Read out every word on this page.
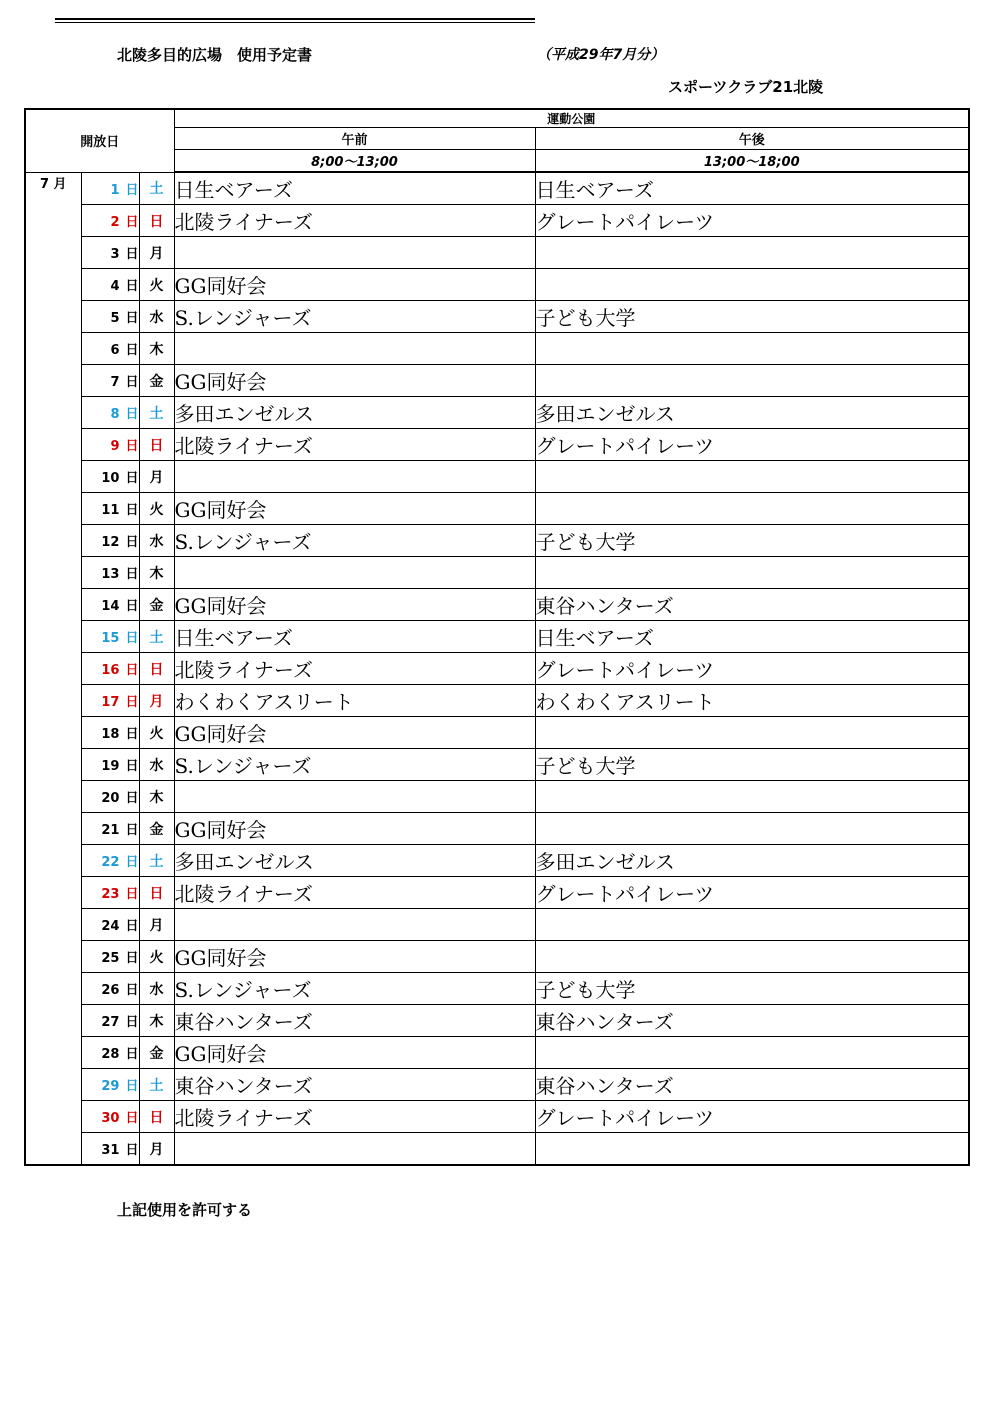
北陵多目的広場　使用予定書	（平成29年7月分）
スポーツクラブ21北陵
開放日			運動公園	
			午前	午後
			8;00～13;00	13;00～18;00
7 月	1 日	土	日生ベアーズ	日生ベアーズ
	2 日	日	北陵ライナーズ	グレートパイレーツ
	3 日	月		
	4 日	火	GG同好会	
	5 日	水	S.レンジャーズ	子ども大学
	6 日	木		
	7 日	金	GG同好会	
	8 日	土	多田エンゼルス	多田エンゼルス
	9 日	日	北陵ライナーズ	グレートパイレーツ
	10 日	月		
	11 日	火	GG同好会	
	12 日	水	S.レンジャーズ	子ども大学
	13 日	木		
	14 日	金	GG同好会	東谷ハンターズ
	15 日	土	日生ベアーズ	日生ベアーズ
	16 日	日	北陵ライナーズ	グレートパイレーツ
	17 日	月	わくわくアスリート	わくわくアスリート
	18 日	火	GG同好会	
	19 日	水	S.レンジャーズ	子ども大学
	20 日	木		
	21 日	金	GG同好会	
	22 日	土	多田エンゼルス	多田エンゼルス
	23 日	日	北陵ライナーズ	グレートパイレーツ
	24 日	月		
	25 日	火	GG同好会	
	26 日	水	S.レンジャーズ	子ども大学
	27 日	木	東谷ハンターズ	東谷ハンターズ
	28 日	金	GG同好会	
	29 日	土	東谷ハンターズ	東谷ハンターズ
	30 日	日	北陵ライナーズ	グレートパイレーツ
	31 日	月		
上記使用を許可する
